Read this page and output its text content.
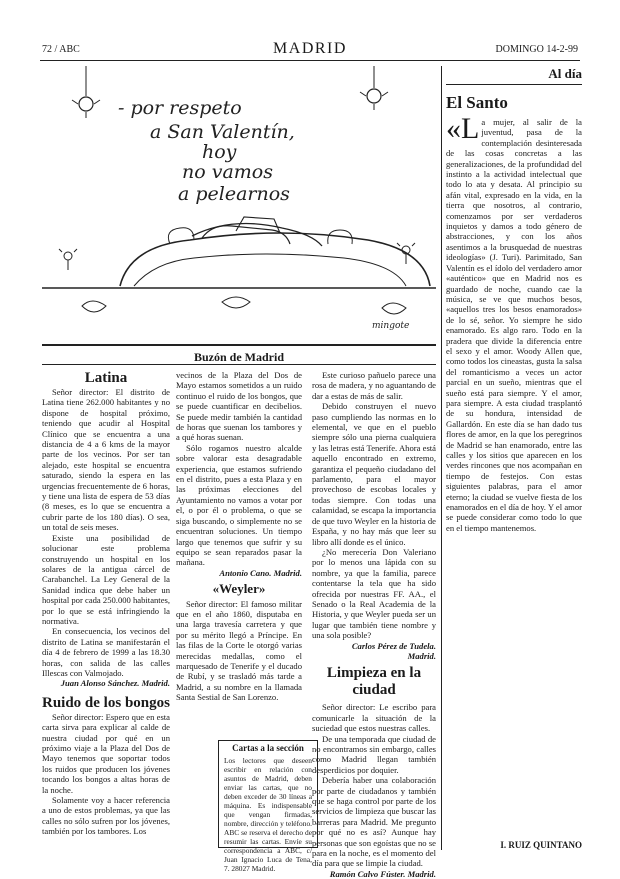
72 / ABC	MADRID	DOMINGO 14-2-99
- por respeto
a San Valentín,
hoy
no vamos
a pelearnos
mingote
Buzón de Madrid
Latina

Señor director: El distrito de Latina tiene 262.000 habitantes y no dispone de hospital próximo, teniendo que acudir al Hospital Clínico que se encuentra a una distancia de 4 a 6 kms de la mayor parte de los vecinos. Por ser tan alejado, este hospital se encuentra saturado, siendo la espera en las urgencias frecuentemente de 6 horas, y tiene una lista de espera de 53 días (8 meses, es lo que se encuentra a cubrir parte de los 180 días). O sea, un total de seis meses.

Existe una posibilidad de solucionar este problema construyendo un hospital en los solares de la antigua cárcel de Carabanchel. La Ley General de la Sanidad indica que debe haber un hospital por cada 250.000 habitantes, por lo que se está infringiendo la normativa.

En consecuencia, los vecinos del distrito de Latina se manifestarán el día 4 de febrero de 1999 a las 18.30 horas, con salida de las calles Illescas con Valmojado.

Juan Alonso Sánchez. Madrid.

Ruido de los bongos

Señor director: Espero que en esta carta sirva para explicar al calde de nuestra ciudad por qué en un próximo viaje a la Plaza del Dos de Mayo tenemos que soportar todos los ruidos que producen los jóvenes tocando los bongos a altas horas de la noche.

Solamente voy a hacer referencia a uno de estos problemas, ya que las calles no sólo sufren por los jóvenes, también por los tambores. Los

vecinos de la Plaza del Dos de Mayo estamos sometidos a un ruido continuo el ruido de los bongos, que se puede cuantificar en decibelios. Se puede medir también la cantidad de horas que suenan los tambores y a qué horas suenan.

Sólo rogamos nuestro alcalde sobre valorar esta desagradable experiencia, que estamos sufriendo en el distrito, pues a esta Plaza y en las próximas elecciones del Ayuntamiento no vamos a votar por el, o por él o problema, o que se siga buscando, o simplemente no se encuentran soluciones. Un tiempo largo que tenemos que sufrir y su equipo se sean reparados pasar la mañana.

Antonio Cano. Madrid.

«Weyler»

Señor director: El famoso militar que en el año 1860, disputaba en una larga travesía carretera y que por su mérito llegó a Príncipe. En las filas de la Corte le otorgó varias merecidas medallas, como el marquesado de Tenerife y el ducado de Rubí, y se trasladó más tarde a Madrid, a su nombre en la llamada Santa Sestial de San Lorenzo.

Cartas a la sección
Los lectores que deseen escribir en relación con asuntos de Madrid, deben enviar las cartas, que no deben exceder de 30 líneas a máquina. Es indispensable que vengan firmadas, nombre, dirección y teléfono. ABC se reserva el derecho de resumir las cartas. Envíe su correspondencia a ABC, c/ Juan Ignacio Luca de Tena, 7. 28027 Madrid.

Este curioso pañuelo parece una rosa de madera, y no aguantando de dar a estas de más de salir.

Debido construyen el nuevo paso cumpliendo las normas en lo elemental, ve que en el pueblo siempre sólo una pierna cualquiera y las letras está Tenerife. Ahora está aquello encontrado en extremo, garantiza el pequeño ciudadano del parlamento, para el mayor provechoso de escobas locales y todas siempre. Con todas una calamidad, se escapa la importancia de que tuvo Weyler en la historia de España, y no hay más que leer su libro allí donde es el único.

¿No merecería Don Valeriano por lo menos una lápida con su nombre, ya que la familia, parece contentarse la tela que ha sido ofrecida por nuestras FF. AA., el Senado o la Real Academia de la Historia, y que Weyler pueda ser un lugar que también tiene nombre y una sola posible?

Carlos Pérez de Tudela. Madrid.

Limpieza en la ciudad

Señor director: Le escribo para comunicarle la situación de la suciedad que estos nuestras calles.

De una temporada que ciudad de no encontramos sin embargo, calles como Madrid llegan también desperdicios por doquier.

Debería haber una colaboración por parte de ciudadanos y también que se haga control por parte de los servicios de limpieza que buscar las barreras para Madrid. Me pregunto por qué no es así? Aunque hay personas que son egoístas que no se para en la noche, es el momento del día para que se limpie la ciudad.

Ramón Calvo Fúster. Madrid.

Al día
El Santo
«La mujer, al salir de la juventud, pasa de la contemplación desinteresada de las cosas concretas a las generalizaciones, de la profundidad del instinto a la actividad intelectual que todo lo ata y desata. Al principio su afán vital, expresado en la vida, en la tierra que nosotros, al contrario, comenzamos por ser verdaderos inquietos y damos a todo género de abstracciones, y con los años asentimos a la brusquedad de nuestras ideologías» (J. Turi). Parimitado, San Valentín es el ídolo del verdadero amor «auténtico» que en Madrid nos es guardado de noche, cuando cae la música, se ve que muchos besos, «aquellos tres los besos enamorados» de lo sé, señor. Yo siempre he sido enamorado. Es algo raro. Todo en la pradera que divide la diferencia entre el sexo y el amor. Woody Allen que, como todos los cineastas, gusta la salsa del romanticismo a veces un actor parcial en un sueño, mientras que el sueño está para siempre. Y el amor, para siempre. A esta ciudad trasplantó de su hondura, intensidad de Gallardón. En este día se han dado tus flores de amor, en la que los peregrinos de Madrid se han enamorado, entre las calles y los sitios que aparecen en los verdes rincones que nos acompañan en tiempo de festejos. Con estas siguientes palabras, para el amor eterno; la ciudad se vuelve fiesta de los enamorados en el día de hoy. Y el amor se puede considerar como todo lo que en el tiempo mantenemos.
I. RUIZ QUINTANO
